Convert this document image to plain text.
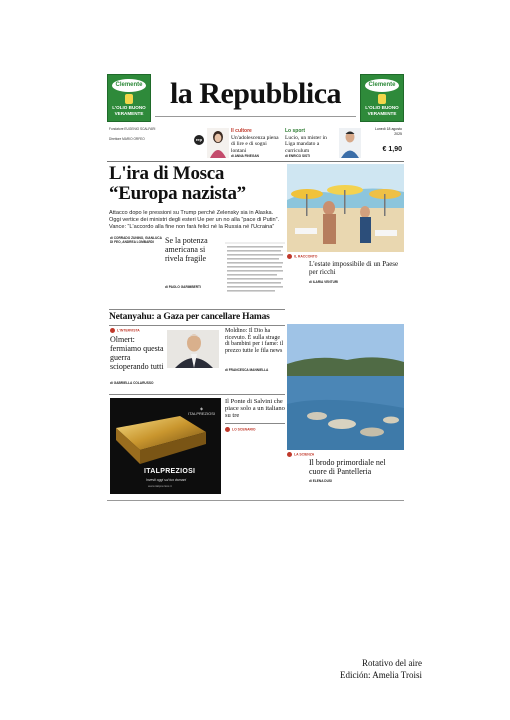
Clemente
L'OLIO BUONO VERAMENTE
la Repubblica	Clemente
L'OLIO BUONO VERAMENTE
Fondatore EUGENIO SCALFARI
Direttore MARIO ORFEO	rep
Il cultore
Un'adolescenza piena di lire e di sogni lontani
di ANNA FINEGAN
Lo sport
Lucio, un mister in Liga mandato a curriculum
di ENRICO SISTI
Lunedì 18 agosto 2025
€ 1,90
L'ira di Mosca
“Europa nazista”
Attacco dopo le pressioni su Trump perché Zelensky sia in Alaska. Oggi vertice dei ministri degli esteri Ue per un no alla “pace di Putin”. Vance: “L'accordo alla fine non farà felici né la Russia né l'Ucraina”
di CORRADO ZUNINO, GIANLUCA DI FEO, ANDREA LOMBARDI	Se la potenza americana si rivela fragile
di PAOLO GARIMBERTI
Netanyahu: a Gaza per cancellare Hamas
L'INTERVISTA
Olmert: fermiamo questa guerra scioperando tutti
di GABRIELLA COLARUSSO
Moldino: Il Dio ha ricevuto. È sulla strage di bambini per i fame: il prezzo tutte le fila news
di FRANCESCA MANNIELLA
◈
ITALPREZIOSI
ITALPREZIOSI
Investi oggi sul tuo domani
www.italpreziosi.it
Il Ponte di Salvini che piace solo a un italiano su tre
LO SCENARIO
IL RACCONTO
L'estate impossibile di un Paese per ricchi
di ILARIA VENTURI
LA SCIENZA
Il brodo primordiale nel cuore di Pantelleria
di ELENA DUSI
Rotativo del aire
Edición: Amelia Troisi
